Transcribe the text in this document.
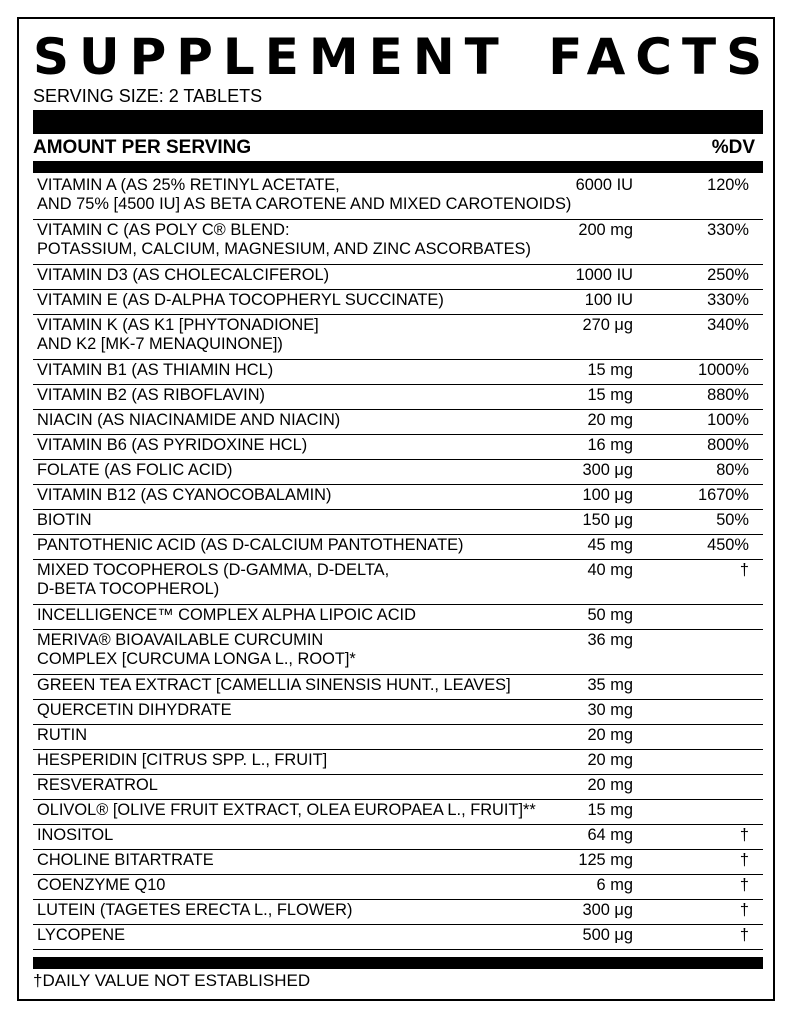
SUPPLEMENT FACTS
SERVING SIZE: 2 TABLETS
AMOUNT PER SERVING	%DV
VITAMIN A (AS 25% RETINYL ACETATE,
AND 75% [4500 IU] AS BETA CAROTENE AND MIXED CAROTENOIDS)
6000 IU	120%
VITAMIN C (AS POLY C® BLEND:
POTASSIUM, CALCIUM, MAGNESIUM, AND ZINC ASCORBATES)
200 mg	330%
VITAMIN D3 (AS CHOLECALCIFEROL)	1000 IU	250%
VITAMIN E (AS D-ALPHA TOCOPHERYL SUCCINATE)	100 IU	330%
VITAMIN K (AS K1 [PHYTONADIONE]
AND K2 [MK-7 MENAQUINONE])
270 μg	340%
VITAMIN B1 (AS THIAMIN HCL)	15 mg	1000%
VITAMIN B2 (AS RIBOFLAVIN)	15 mg	880%
NIACIN (AS NIACINAMIDE AND NIACIN)	20 mg	100%
VITAMIN B6 (AS PYRIDOXINE HCL)	16 mg	800%
FOLATE (AS FOLIC ACID)	300 μg	80%
VITAMIN B12 (AS CYANOCOBALAMIN)	100 μg	1670%
BIOTIN	150 μg	50%
PANTOTHENIC ACID (AS D-CALCIUM PANTOTHENATE)	45 mg	450%
MIXED TOCOPHEROLS (D-GAMMA, D-DELTA,
D-BETA TOCOPHEROL)
40 mg	†
INCELLIGENCE™ COMPLEX ALPHA LIPOIC ACID	50 mg
MERIVA® BIOAVAILABLE CURCUMIN
COMPLEX [CURCUMA LONGA L., ROOT]*
36 mg
GREEN TEA EXTRACT [CAMELLIA SINENSIS HUNT., LEAVES]	35 mg
QUERCETIN DIHYDRATE	30 mg
RUTIN	20 mg
HESPERIDIN [CITRUS SPP. L., FRUIT]	20 mg
RESVERATROL	20 mg
OLIVOL® [OLIVE FRUIT EXTRACT, OLEA EUROPAEA L., FRUIT]**	15 mg
INOSITOL	64 mg	†
CHOLINE BITARTRATE	125 mg	†
COENZYME Q10	6 mg	†
LUTEIN (TAGETES ERECTA L., FLOWER)	300 μg	†
LYCOPENE	500 μg	†
†DAILY VALUE NOT ESTABLISHED
